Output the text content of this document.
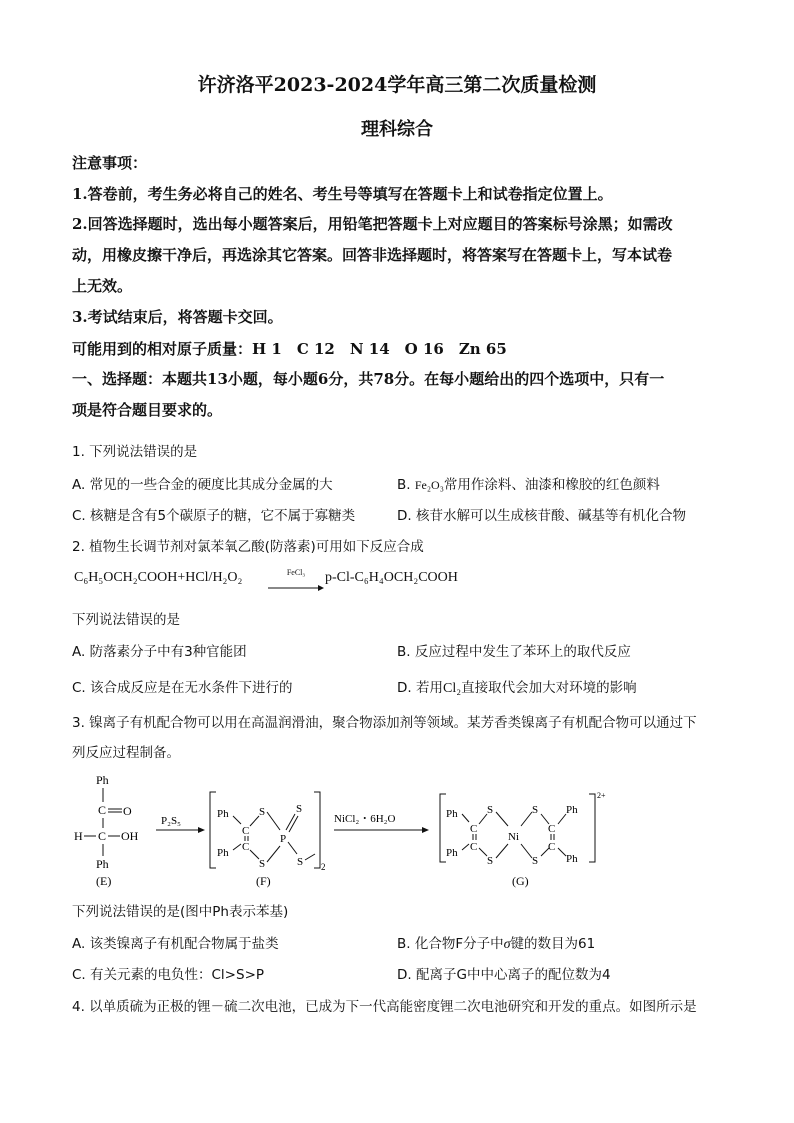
许济洛平2023-2024学年高三第二次质量检测
理科综合
注意事项：
1.答卷前，考生务必将自己的姓名、考生号等填写在答题卡上和试卷指定位置上。
2.回答选择题时，选出每小题答案后，用铅笔把答题卡上对应题目的答案标号涂黑；如需改
动，用橡皮擦干净后，再选涂其它答案。回答非选择题时，将答案写在答题卡上，写本试卷
上无效。
3.考试结束后，将答题卡交回。
可能用到的相对原子质量：H 1　C 12　N 14　O 16　Zn 65
一、选择题：本题共13小题，每小题6分，共78分。在每小题给出的四个选项中，只有一
项是符合题目要求的。
1. 下列说法错误的是
A. 常见的一些合金的硬度比其成分金属的大	B. Fe₂O₃常用作涂料、油漆和橡胶的红色颜料
C. 核糖是含有5个碳原子的糖，它不属于寡糖类	D. 核苷水解可以生成核苷酸、碱基等有机化合物
2. 植物生长调节剂对氯苯氧乙酸(防落素)可用如下反应合成
C₆H₅OCH₂COOH+HCl/H₂O₂	FeCl₃	p-Cl-C₆H₄OCH₂COOH
下列说法错误的是
A. 防落素分子中有3种官能团	B. 反应过程中发生了苯环上的取代反应
C. 该合成反应是在无水条件下进行的	D. 若用Cl₂直接取代会加大对环境的影响
3. 镍离子有机配合物可以用在高温润滑油，聚合物添加剂等领域。某芳香类镍离子有机配合物可以通过下
列反应过程制备。
Ph
C O
H C OH
Ph
(E)
P₂S₅
Ph
Ph
C
C
S
S
P
S
S 2
(F)
NiCl₂・6H₂O	Ph
Ph
C
C
S
S
Ni
S
S
C
C
Ph
Ph
2+
(G)
下列说法错误的是(图中Ph表示苯基)
A. 该类镍离子有机配合物属于盐类	B. 化合物F分子中σ键的数目为61
C. 有关元素的电负性：Cl>S>P	D. 配离子G中中心离子的配位数为4
4. 以单质硫为正极的锂－硫二次电池，已成为下一代高能密度锂二次电池研究和开发的重点。如图所示是
